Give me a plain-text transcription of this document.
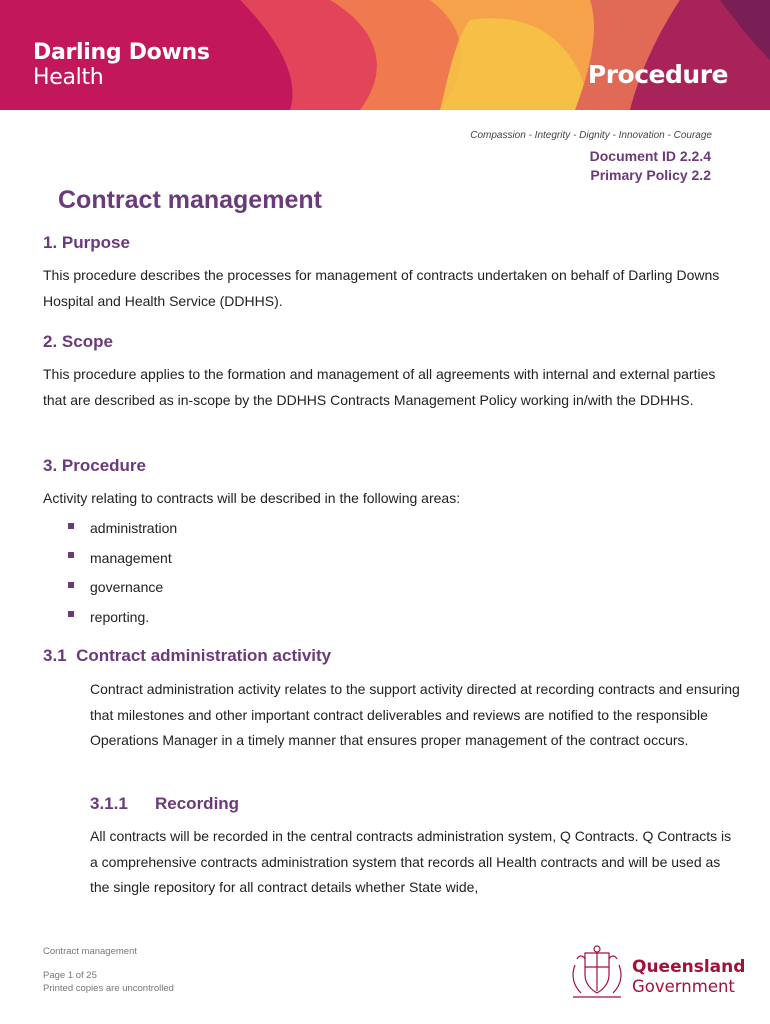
Darling Downs
Health	Procedure
Compassion - Integrity - Dignity - Innovation - Courage
Document ID 2.2.4
Primary Policy 2.2
Contract management
1. Purpose
This procedure describes the processes for management of contracts undertaken on behalf of Darling Downs Hospital and Health Service (DDHHS).
2. Scope
This procedure applies to the formation and management of all agreements with internal and external parties that are described as in-scope by the DDHHS Contracts Management Policy working in/with the DDHHS.
3. Procedure
Activity relating to contracts will be described in the following areas:
administration
management
governance
reporting.
3.1  Contract administration activity
Contract administration activity relates to the support activity directed at recording contracts and ensuring that milestones and other important contract deliverables and reviews are notified to the responsible Operations Manager in a timely manner that ensures proper management of the contract occurs.
3.1.1 Recording
All contracts will be recorded in the central contracts administration system, Q Contracts. Q Contracts is a comprehensive contracts administration system that records all Health contracts and will be used as the single repository for all contract details whether State wide,
Contract management
Page 1 of 25
Printed copies are uncontrolled
Queensland
Government
